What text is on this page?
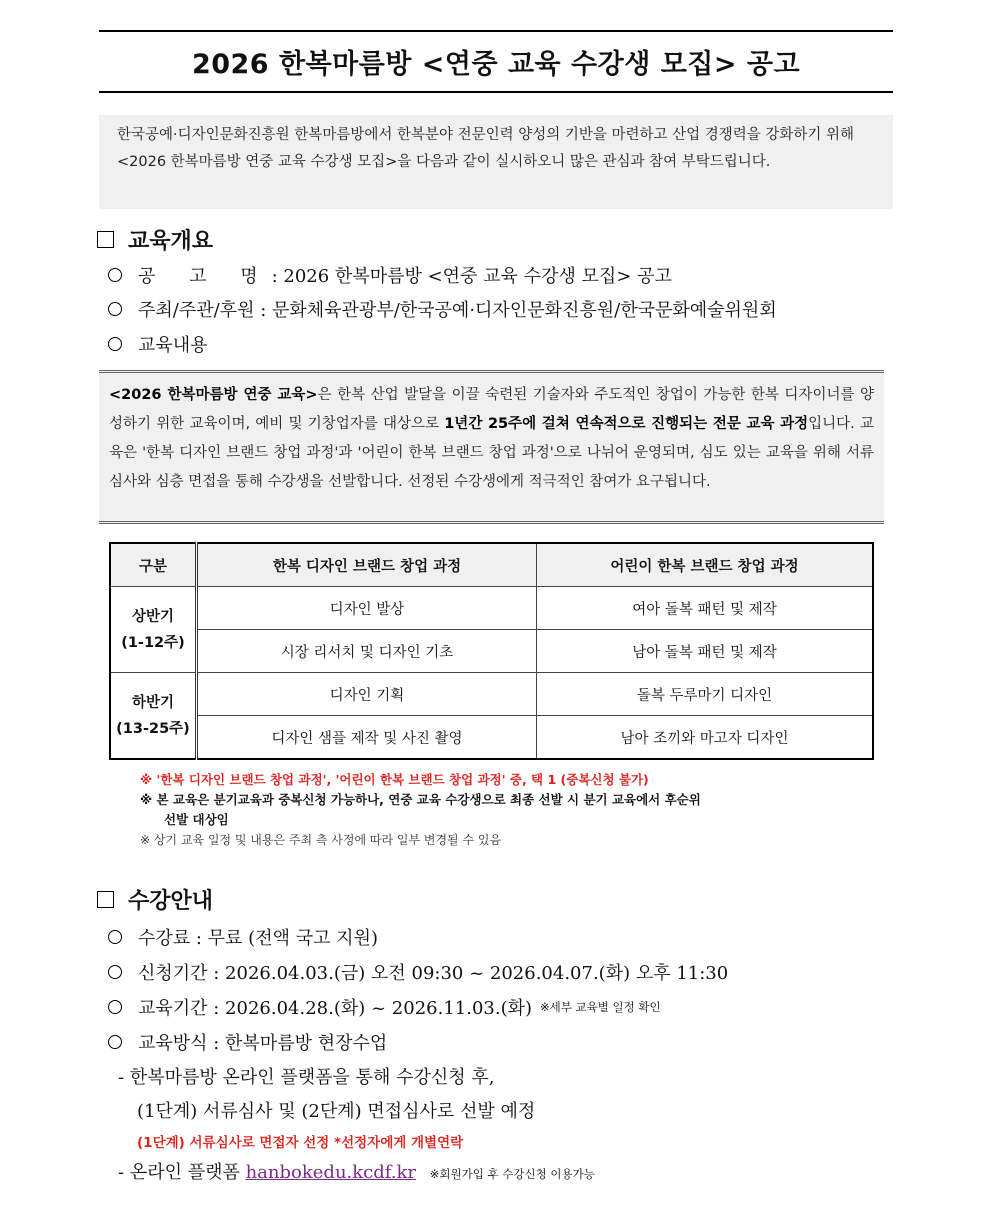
2026 한복마름방 <연중 교육 수강생 모집> 공고
한국공예·디자인문화진흥원 한복마름방에서 한복분야 전문인력 양성의 기반을 마련하고 산업 경쟁력을 강화하기 위해 <2026 한복마름방 연중 교육 수강생 모집>을 다음과 같이 실시하오니 많은 관심과 참여 부탁드립니다.
교육개요
공 고 명 : 2026 한복마름방 <연중 교육 수강생 모집> 공고
주최/주관/후원
: 문화체육관광부/한국공예·디자인문화진흥원/한국문화예술위원회
교육내용
<2026 한복마름방 연중 교육>은 한복 산업 발달을 이끌 숙련된 기술자와 주도적인 창업이 가능한 한복 디자이너를 양성하기 위한 교육이며, 예비 및 기창업자를 대상으로 1년간 25주에 걸쳐 연속적으로 진행되는 전문 교육 과정입니다. 교육은 '한복 디자인 브랜드 창업 과정'과 '어린이 한복 브랜드 창업 과정'으로 나뉘어 운영되며, 심도 있는 교육을 위해 서류심사와 심층 면접을 통해 수강생을 선발합니다. 선정된 수강생에게 적극적인 참여가 요구됩니다.
구분	한복 디자인 브랜드 창업 과정	어린이 한복 브랜드 창업 과정

상반기
(1-12주)	디자인 발상	여아 돌복 패턴 및 제작
	시장 리서치 및 디자인 기초	남아 돌복 패턴 및 제작

하반기
(13-25주)	디자인 기획	돌복 두루마기 디자인
	디자인 샘플 제작 및 사진 촬영	남아 조끼와 마고자 디자인
※ '한복 디자인 브랜드 창업 과정', '어린이 한복 브랜드 창업 과정' 중, 택 1 (중복신청 불가)
※ 본 교육은 분기교육과 중복신청 가능하나, 연중 교육 수강생으로 최종 선발 시 분기 교육에서 후순위
선발 대상임
※ 상기 교육 일정 및 내용은 주최 측 사정에 따라 일부 변경될 수 있음
수강안내
수강료 : 무료 (전액 국고 지원)
신청기간 : 2026.04.03.(금) 오전 09:30 ~ 2026.04.07.(화) 오후 11:30
교육기간 : 2026.04.28.(화) ~ 2026.11.03.(화) ※세부 교육별 일정 확인
교육방식 : 한복마름방 현장수업
- 한복마름방 온라인 플랫폼을 통해 수강신청 후,
(1단계) 서류심사 및 (2단계) 면접심사로 선발 예정
(1단계) 서류심사로 면접자 선정 *선정자에게 개별연락
- 온라인 플랫폼 hanbokedu.kcdf.kr ※회원가입 후 수강신청 이용가능
